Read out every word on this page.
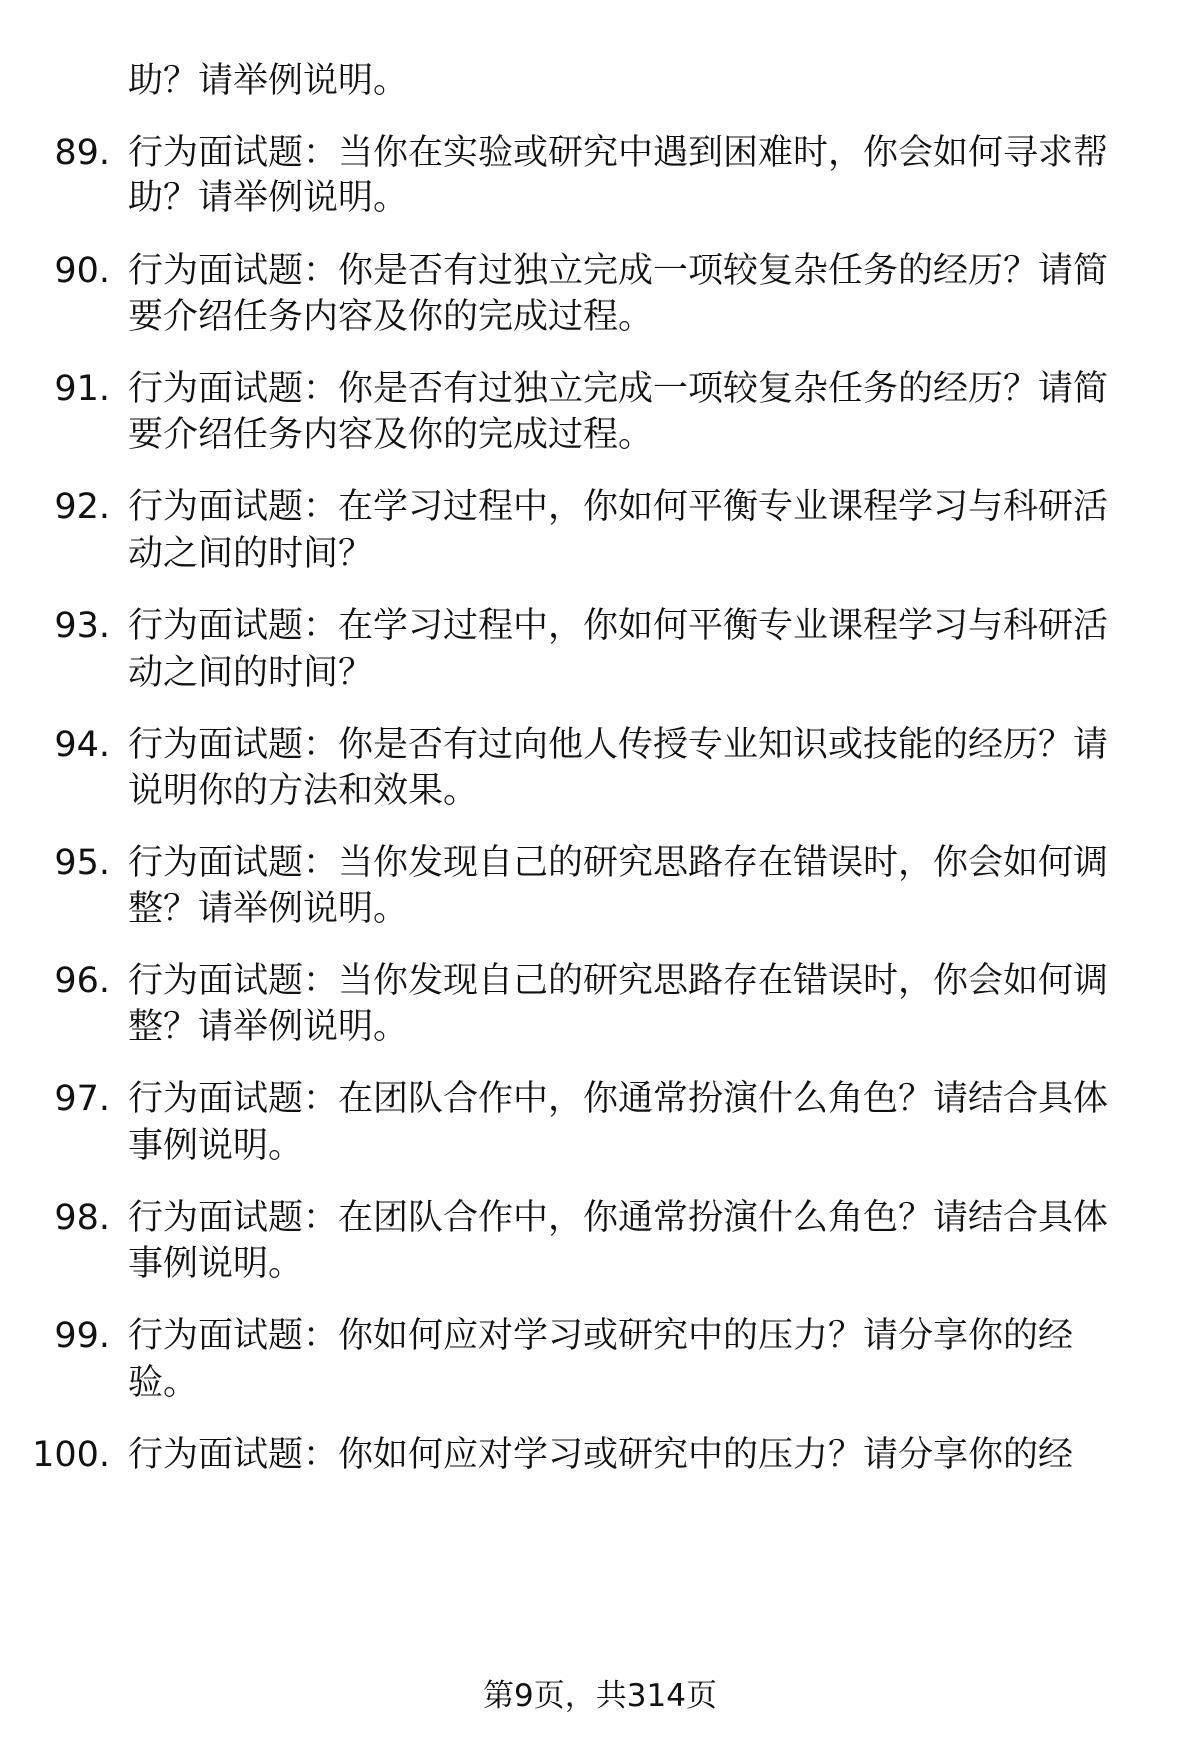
助？请举例说明。
89. 行为面试题：当你在实验或研究中遇到困难时，你会如何寻求帮
助？请举例说明。
90. 行为面试题：你是否有过独立完成一项较复杂任务的经历？请简
要介绍任务内容及你的完成过程。
91. 行为面试题：你是否有过独立完成一项较复杂任务的经历？请简
要介绍任务内容及你的完成过程。
92. 行为面试题：在学习过程中，你如何平衡专业课程学习与科研活
动之间的时间？
93. 行为面试题：在学习过程中，你如何平衡专业课程学习与科研活
动之间的时间？
94. 行为面试题：你是否有过向他人传授专业知识或技能的经历？请
说明你的方法和效果。
95. 行为面试题：当你发现自己的研究思路存在错误时，你会如何调
整？请举例说明。
96. 行为面试题：当你发现自己的研究思路存在错误时，你会如何调
整？请举例说明。
97. 行为面试题：在团队合作中，你通常扮演什么角色？请结合具体
事例说明。
98. 行为面试题：在团队合作中，你通常扮演什么角色？请结合具体
事例说明。
99. 行为面试题：你如何应对学习或研究中的压力？请分享你的经
验。
100. 行为面试题：你如何应对学习或研究中的压力？请分享你的经
第9页，共314页
